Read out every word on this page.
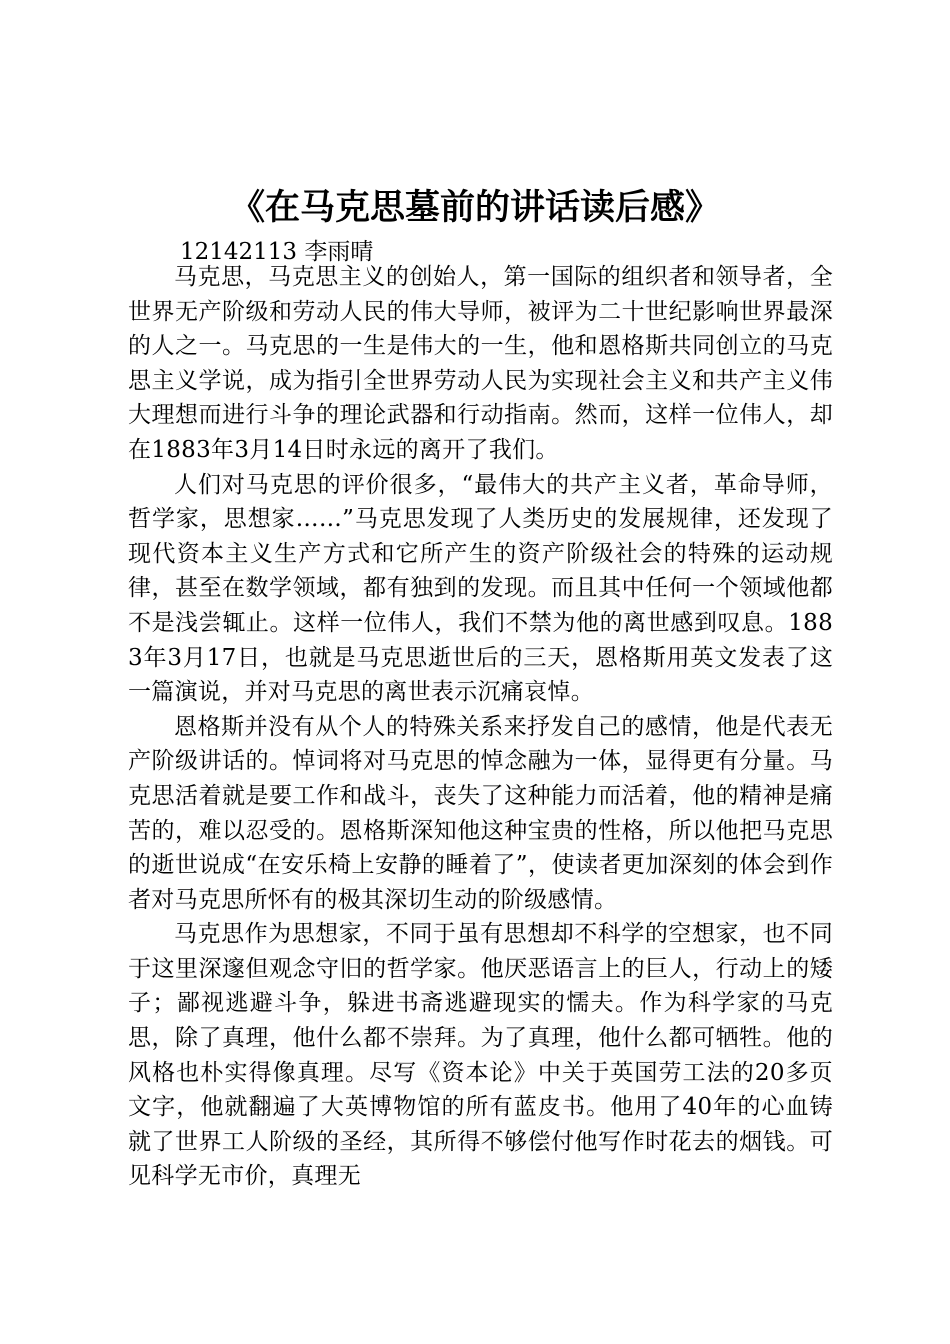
《在马克思墓前的讲话读后感》
12142113 李雨晴

马克思，马克思主义的创始人，第一国际的组织者和领导者，全世界无产阶级和劳动人民的伟大导师，被评为二十世纪影响世界最深的人之一。马克思的一生是伟大的一生，他和恩格斯共同创立的马克思主义学说，成为指引全世界劳动人民为实现社会主义和共产主义伟大理想而进行斗争的理论武器和行动指南。然而，这样一位伟人，却在1883年3月14日时永远的离开了我们。

人们对马克思的评价很多，“最伟大的共产主义者，革命导师，哲学家，思想家……”马克思发现了人类历史的发展规律，还发现了现代资本主义生产方式和它所产生的资产阶级社会的特殊的运动规律，甚至在数学领域，都有独到的发现。而且其中任何一个领域他都不是浅尝辄止。这样一位伟人，我们不禁为他的离世感到叹息。1883年3月17日，也就是马克思逝世后的三天，恩格斯用英文发表了这一篇演说，并对马克思的离世表示沉痛哀悼。

恩格斯并没有从个人的特殊关系来抒发自己的感情，他是代表无产阶级讲话的。悼词将对马克思的悼念融为一体，显得更有分量。马克思活着就是要工作和战斗，丧失了这种能力而活着，他的精神是痛苦的，难以忍受的。恩格斯深知他这种宝贵的性格，所以他把马克思的逝世说成“在安乐椅上安静的睡着了”，使读者更加深刻的体会到作者对马克思所怀有的极其深切生动的阶级感情。

马克思作为思想家，不同于虽有思想却不科学的空想家，也不同于这里深邃但观念守旧的哲学家。他厌恶语言上的巨人，行动上的矮子；鄙视逃避斗争，躲进书斋逃避现实的懦夫。作为科学家的马克思，除了真理，他什么都不崇拜。为了真理，他什么都可牺牲。他的风格也朴实得像真理。尽写《资本论》中关于英国劳工法的20多页文字，他就翻遍了大英博物馆的所有蓝皮书。他用了40年的心血铸就了世界工人阶级的圣经，其所得不够偿付他写作时花去的烟钱。可见科学无市价，真理无
